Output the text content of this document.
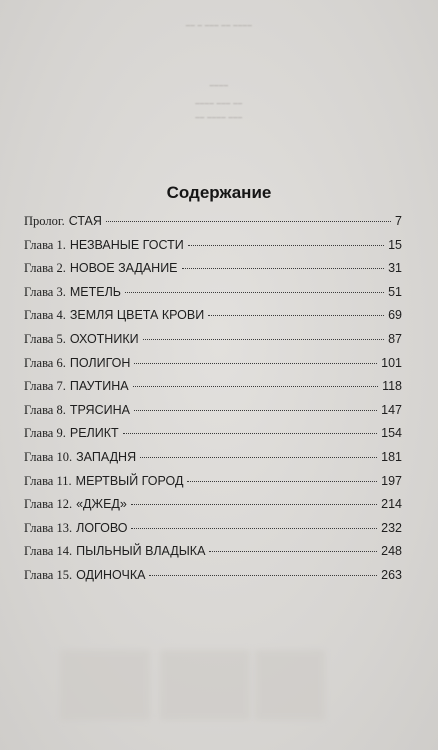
━━ ━ ━━━ ━━ ━━━━
━━━━
━━━━ ━━━ ━━
━━ ━━━━ ━━━
Содержание
Пролог. СТАЯ	7
Глава 1. НЕЗВАНЫЕ ГОСТИ	15
Глава 2. НОВОЕ ЗАДАНИЕ	31
Глава 3. МЕТЕЛЬ	51
Глава 4. ЗЕМЛЯ ЦВЕТА КРОВИ	69
Глава 5. ОХОТНИКИ	87
Глава 6. ПОЛИГОН	101
Глава 7. ПАУТИНА	118
Глава 8. ТРЯСИНА	147
Глава 9. РЕЛИКТ	154
Глава 10. ЗАПАДНЯ	181
Глава 11. МЕРТВЫЙ ГОРОД	197
Глава 12. «ДЖЕД»	214
Глава 13. ЛОГОВО	232
Глава 14. ПЫЛЬНЫЙ ВЛАДЫКА	248
Глава 15. ОДИНОЧКА	263
